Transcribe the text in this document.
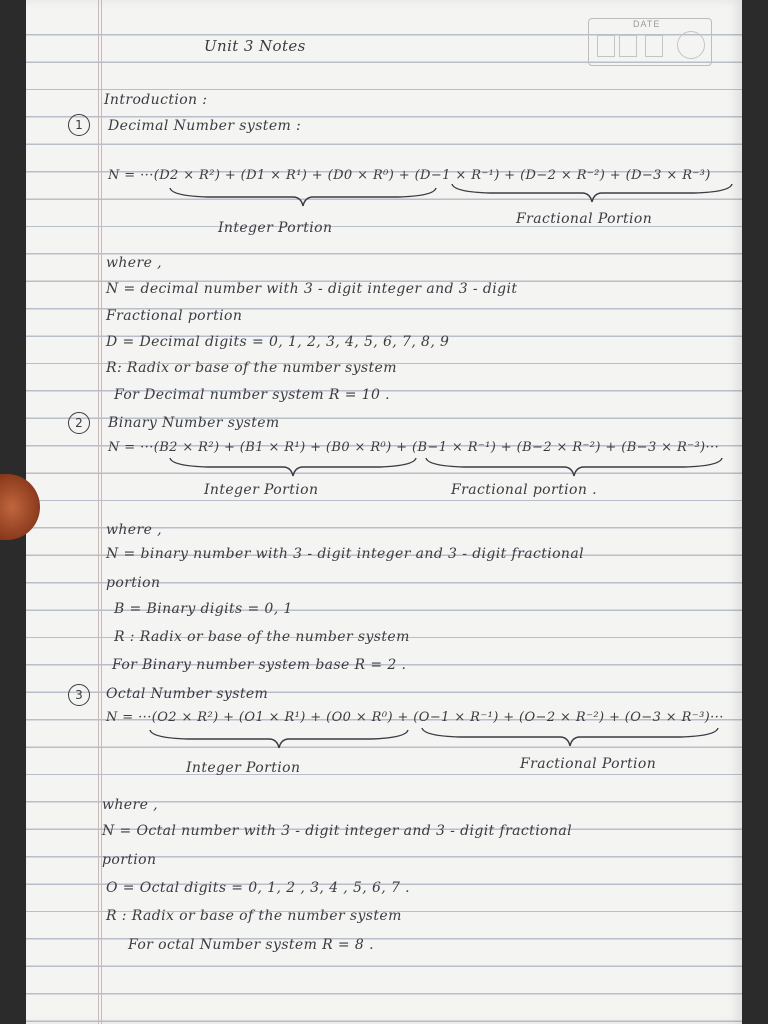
DATE
Unit 3 Notes
Introduction :
1	Decimal Number system :
N = ···(D2 × R²) + (D1 × R¹) + (D0 × R⁰) + (D−1 × R⁻¹) + (D−2 × R⁻²) + (D−3 × R⁻³)
Integer Portion
Fractional Portion
where ,
N = decimal number with 3 - digit integer and 3 - digit
Fractional portion
D = Decimal digits = 0, 1, 2, 3, 4, 5, 6, 7, 8, 9
R: Radix or base of the number system
For Decimal number system R = 10 .
2	Binary Number system
N = ···(B2 × R²) + (B1 × R¹) + (B0 × R⁰) + (B−1 × R⁻¹) + (B−2 × R⁻²) + (B−3 × R⁻³)···
Integer Portion	Fractional portion .
where ,
N = binary number with 3 - digit integer and 3 - digit fractional
portion
B = Binary digits = 0, 1
R : Radix or base of the number system
For Binary number system base R = 2 .
3	Octal Number system
N = ···(O2 × R²) + (O1 × R¹) + (O0 × R⁰) + (O−1 × R⁻¹) + (O−2 × R⁻²) + (O−3 × R⁻³)···
Integer Portion	Fractional Portion
where ,
N = Octal number with 3 - digit integer and 3 - digit fractional
portion
O = Octal digits = 0, 1, 2 , 3, 4 , 5, 6, 7 .
R : Radix or base of the number system
For octal Number system R = 8 .
